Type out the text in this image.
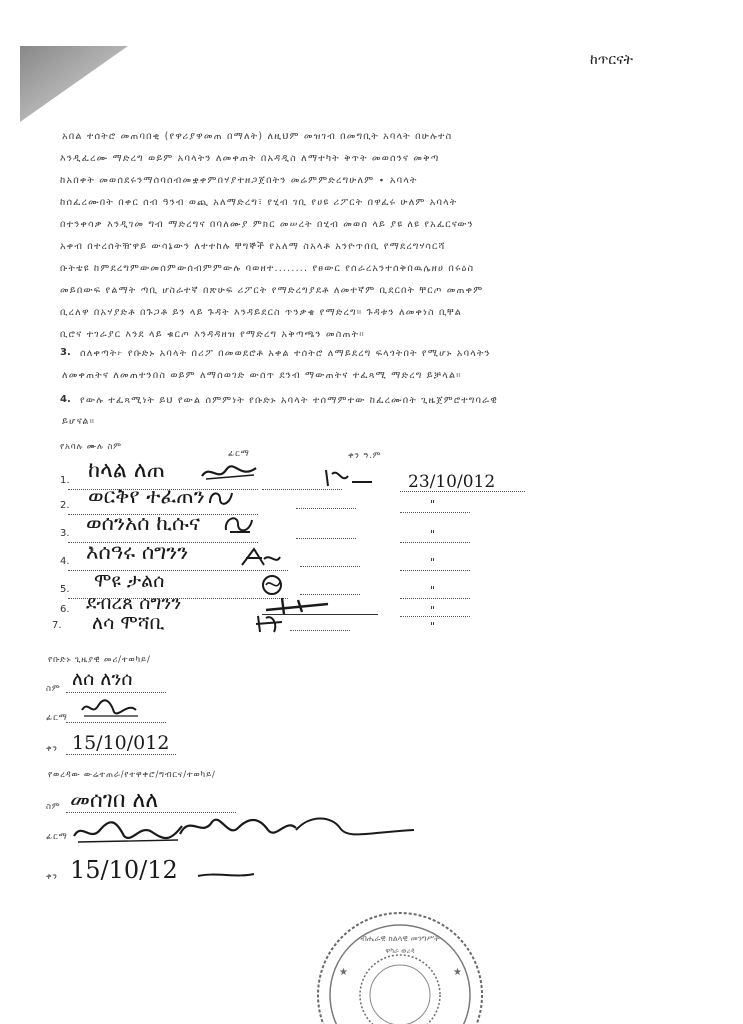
ከጥርናት
አበል ተሰትሮ መጠባበቂ (የዋሪያዋመጠ በማለት) ለዚህም መዝገብ በመግቢት አባላት በሁሉተስ
እንዲፈረሙ ማድረግ ወይም አባላትን ለመቀጠት በአዳዲስ ለማተካት ቅጥት መወሰንና መቅጣ
ከአበቀት መወሰደሩንማሰባሰብመቋቀምበሃያተዘጋጀበትን መሬምምድረግሁለም ∙ አባላት
ከሰፈረሙበት በቀር ሰብ ዓንብ ወጪ አለማድረግ፣ የሂብ ገቢ የሀዩ ሪፖርት በዋፈሩ ሁለም አባላት
በተንቀሳቃ እንዲገመ ግብ ማድረግና በባለሙያ ምክር መሠረት በሂብ መወሰ ላይ ያዩ ለዩ የአፈርናውን
አቀብ በተረሰትዥዋይ ውሳኔውን ለተተከሉ ቸግኞች የአለማ ስአላቶ አንዮጥበቢ የማደረግሃሳርሻ
ቡትቴዩ ከምደረግምውመሰምውሰብምምውሉ ባወዘተ........ የፀውር የሰራረአንተሰቅበዉሌዘሀ በሩዕስ
መይበውፍ የልማት ጣቢ ሆስራተኛ በጽሁፍ ሪፖርት የማድረግያደቶ ለመተኛም ቢደርበት ቸርጦ መጠቀም
ቢረለዋ በአሃያድቶ በጉጋቶ ይን ላይ ጉዳት እንዳይደርስ ጥንቃቄ የማድረግ። ጉዳቱን ለመቀነስ ቢቸል
ቢሮና ተገራያር እንደ ላይ ቁርጦ እንዳዳዘዝ የማድረግ አቅጣጫን መስጠት።
3. ሰለቀጣት፦ የቡድኑ አባላት በሪፖ በመወደሮቶ አቀል ተሰትሮ ለማይደረግ ፍላጎትበት የሚሆኑ አባላትን
ለመቀጠትና ለመጠተንበስ ወይም ለማሰወገድ ውሰጥ ደንብ ማውጠትና ተፈጻሚ ማድረግ ይቻላል።
4. የውሉ ተፈጻሚነት ይህ የውል ሰምምነት የቡድኑ አባላት ተሰማምተው ከፈረሙበት ጊዜጀምሮተግባራዊ
ይሆናል።
የአባሉ ሙሉ ስም
ፊርማ	ቀን ዓ.ም
1. ከላል ለጠ	23/10/012
2. ወርቅየ ተፈጠን	"
3. ወሰንአሰ ኪሱና	"
4. እሰዓሩ ሰግንን	"
5. ሞዩ ታልሰ	"
6. ደብረጸ ሰግንን	"
7. ለሳ ሞሻቢ	"
የቡድኑ ጊዜያዊ መሪ/ተወካይ/
ስም ለሰ ለንሰ
ፊርማ
ቀን 15/10/012
የወረዳው ውሬተጠራ/የተዋቀሮ/ግብርና/ተወካይ/
ስም መሰገበ ለለ
ፊርማ
ቀን 15/10/12
ብሔራዊ ክልላዊ መንግሥት
ዋካራ ወረዳ
★	★
